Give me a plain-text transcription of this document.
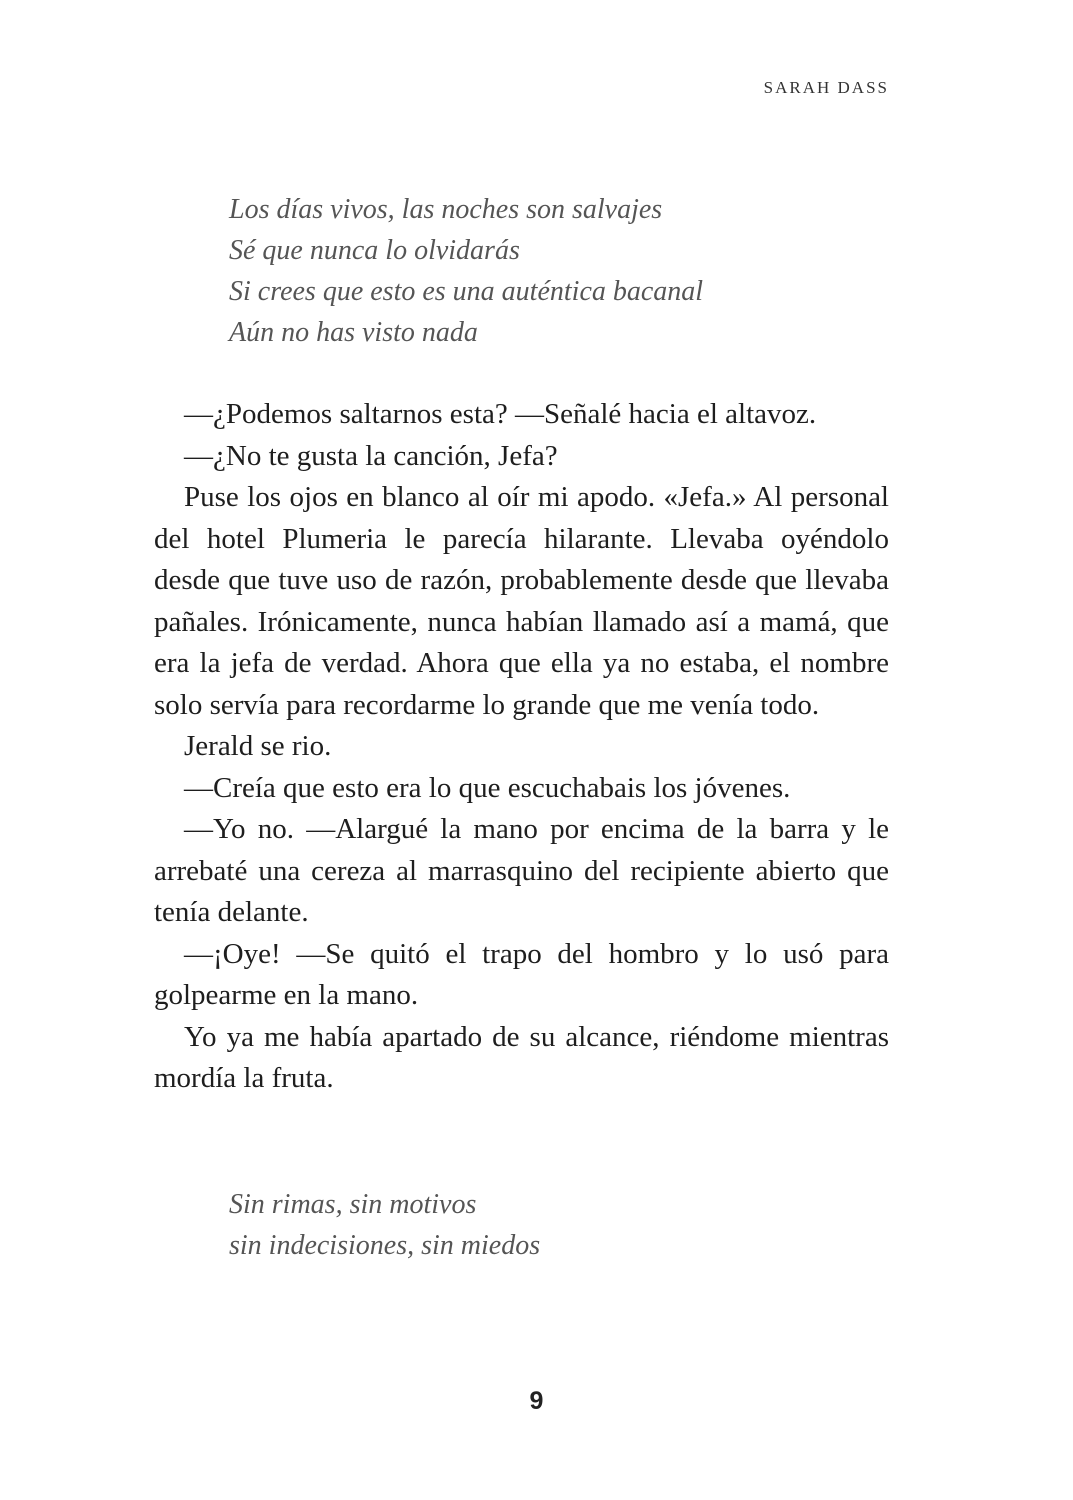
SARAH DASS
Los días vivos, las noches son salvajes
Sé que nunca lo olvidarás
Si crees que esto es una auténtica bacanal
Aún no has visto nada

—¿Podemos saltarnos esta? —Señalé hacia el altavoz.

—¿No te gusta la canción, Jefa?

Puse los ojos en blanco al oír mi apodo. «Jefa.» Al personal del hotel Plumeria le parecía hilarante. Llevaba oyéndolo desde que tuve uso de razón, probablemente desde que llevaba pañales. Irónicamente, nunca habían llamado así a mamá, que era la jefa de verdad. Ahora que ella ya no estaba, el nombre solo servía para recordarme lo grande que me venía todo.

Jerald se rio.

—Creía que esto era lo que escuchabais los jóvenes.

—Yo no. —Alargué la mano por encima de la barra y le arrebaté una cereza al marrasquino del recipiente abierto que tenía delante.

—¡Oye! —Se quitó el trapo del hombro y lo usó para golpearme en la mano.

Yo ya me había apartado de su alcance, riéndome mientras mordía la fruta.

Sin rimas, sin motivos
sin indecisiones, sin miedos
9
